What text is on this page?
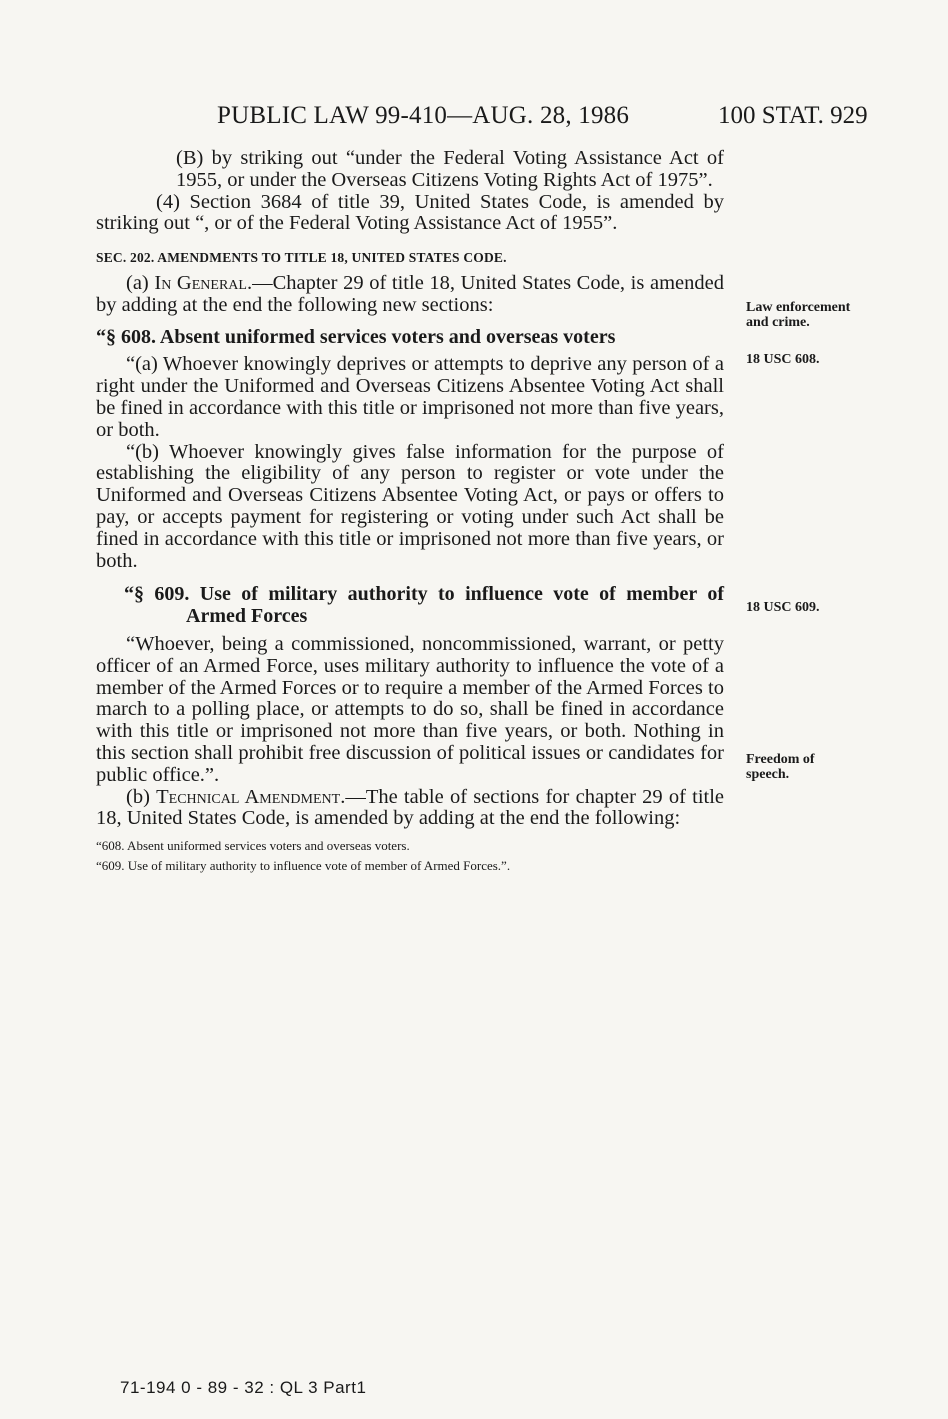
PUBLIC LAW 99-410—AUG. 28, 1986	100 STAT. 929

(B) by striking out “under the Federal Voting Assistance Act of 1955, or under the Overseas Citizens Voting Rights Act of 1975”.

(4) Section 3684 of title 39, United States Code, is amended by striking out “, or of the Federal Voting Assistance Act of 1955”.

SEC. 202. AMENDMENTS TO TITLE 18, UNITED STATES CODE.

(a) In General.—Chapter 29 of title 18, United States Code, is amended by adding at the end the following new sections:

“§ 608. Absent uniformed services voters and overseas voters

“(a) Whoever knowingly deprives or attempts to deprive any person of a right under the Uniformed and Overseas Citizens Absentee Voting Act shall be fined in accordance with this title or imprisoned not more than five years, or both.

“(b) Whoever knowingly gives false information for the purpose of establishing the eligibility of any person to register or vote under the Uniformed and Overseas Citizens Absentee Voting Act, or pays or offers to pay, or accepts payment for registering or voting under such Act shall be fined in accordance with this title or imprisoned not more than five years, or both.

“§ 609. Use of military authority to influence vote of member of Armed Forces

“Whoever, being a commissioned, noncommissioned, warrant, or petty officer of an Armed Force, uses military authority to influence the vote of a member of the Armed Forces or to require a member of the Armed Forces to march to a polling place, or attempts to do so, shall be fined in accordance with this title or imprisoned not more than five years, or both. Nothing in this section shall prohibit free discussion of political issues or candidates for public office.”.

(b) Technical Amendment.—The table of sections for chapter 29 of title 18, United States Code, is amended by adding at the end the following:

“608. Absent uniformed services voters and overseas voters.

“609. Use of military authority to influence vote of member of Armed Forces.”.

Law enforcement and crime.
18 USC 608.
18 USC 609.
Freedom of speech.
71-194 0 - 89 - 32 : QL 3 Part1
